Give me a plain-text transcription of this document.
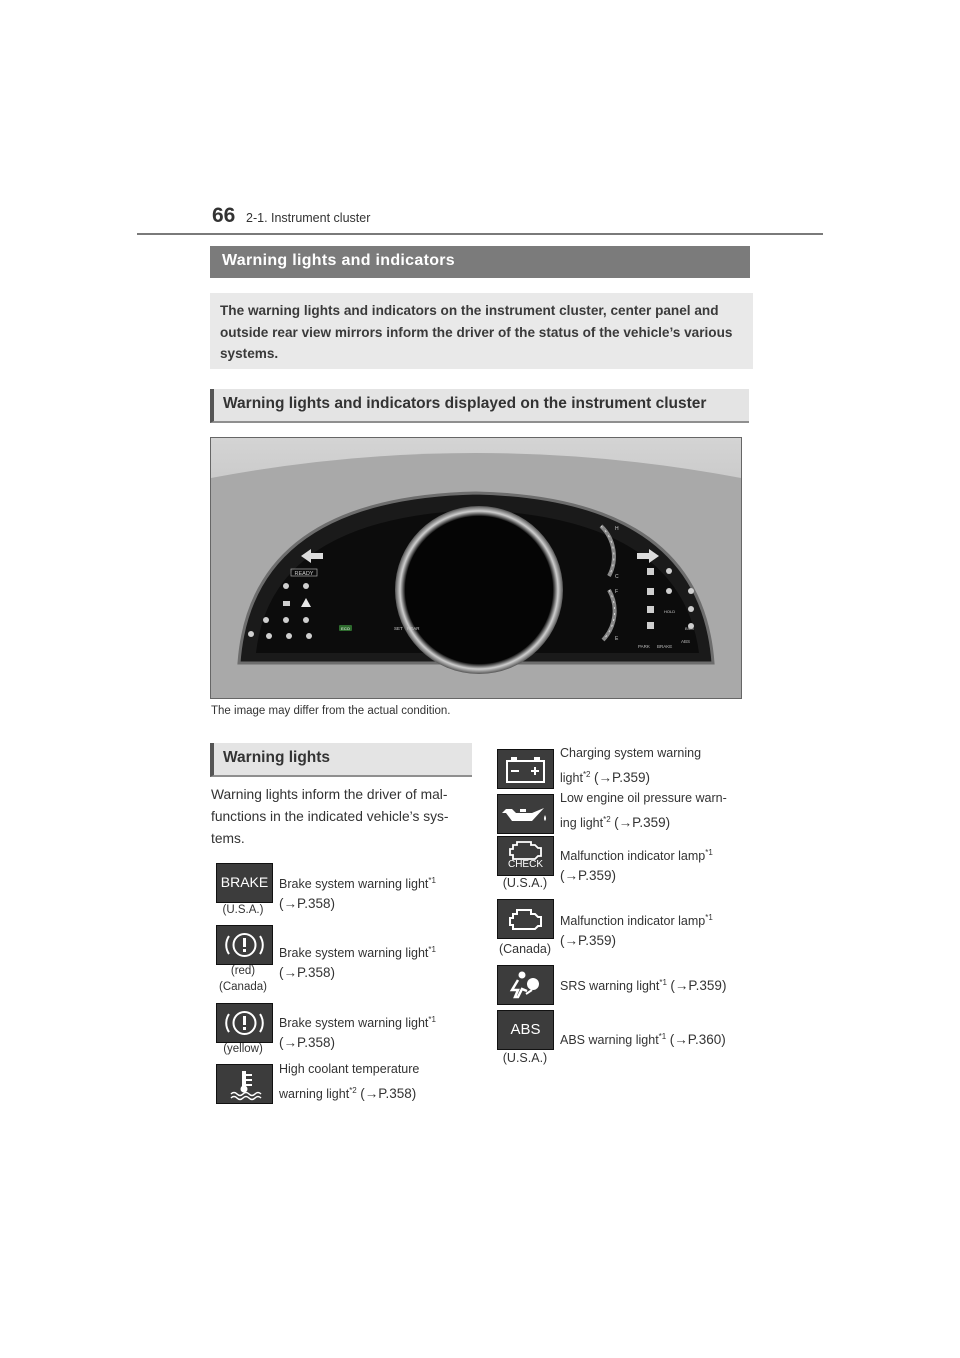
66 2-1. Instrument cluster
Warning lights and indicators

The warning lights and indicators on the instrument cluster, center panel and outside rear view mirrors inform the driver of the status of the vehicle’s various systems.

Warning lights and indicators displayed on the instrument cluster
READY
ECO	SET REAR
H
C
F
E
HOLD
BSM
PARK BRAKE
ABS
The image may differ from the actual condition.
Warning lights
Warning lights inform the driver of mal-functions in the indicated vehicle’s sys-tems.
BRAKE
(U.S.A.)
Brake system warning light$^{*1}$
(→P.358)
(red)
(Canada)
Brake system warning light$^{*1}$
(→P.358)
(yellow)
Brake system warning light$^{*1}$
(→P.358)
High coolant temperature
warning light$^{*2}$ (→P.358)
Charging system warning
light$^{*2}$ (→P.359)
Low engine oil pressure warn-
ing light$^{*2}$ (→P.359)
CHECK
(U.S.A.)
Malfunction indicator lamp$^{*1}$
(→P.359)
(Canada)
Malfunction indicator lamp$^{*1}$
(→P.359)
SRS warning light$^{*1}$ (→P.359)
ABS
(U.S.A.)
ABS warning light$^{*1}$ (→P.360)
